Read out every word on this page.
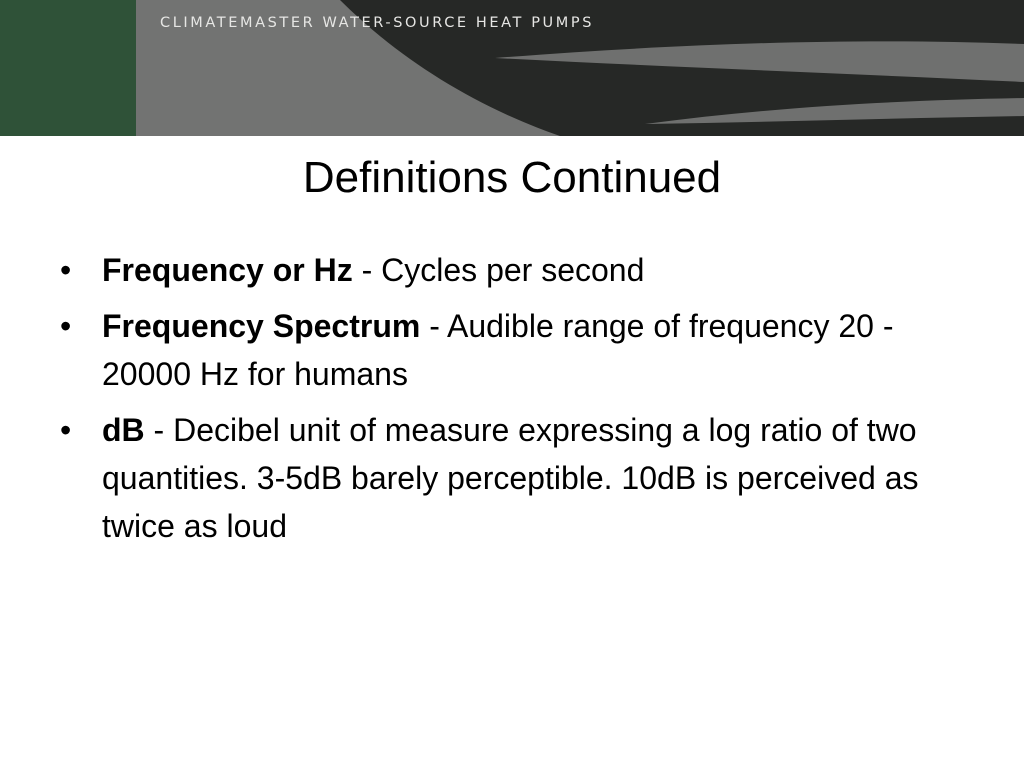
CLIMATEMASTER WATER-SOURCE HEAT PUMPS
Definitions Continued
• Frequency or Hz - Cycles per second
• Frequency Spectrum - Audible range of frequency 20 - 20000 Hz for humans
• dB - Decibel unit of measure expressing a log ratio of two quantities. 3-5dB barely perceptible. 10dB is perceived as twice as loud
